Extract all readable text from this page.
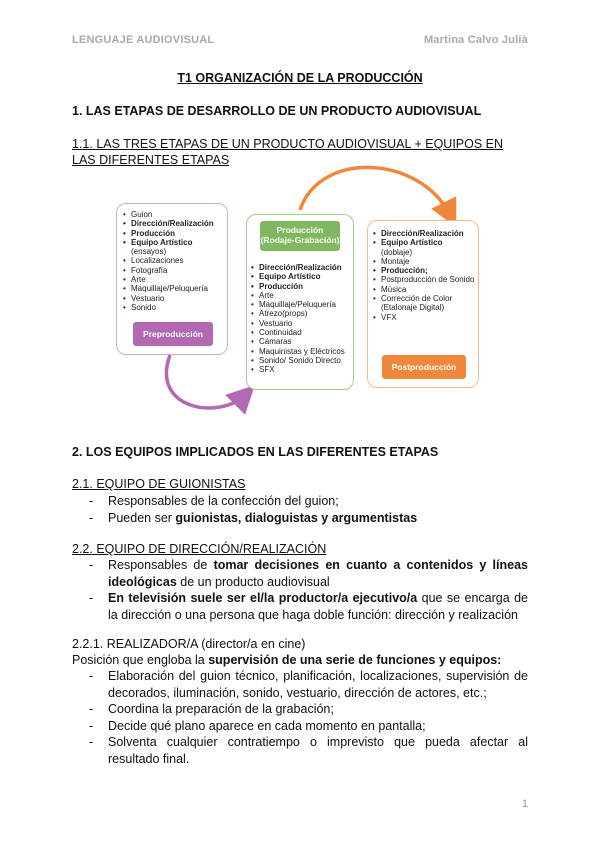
LENGUAJE AUDIOVISUAL	Martina Calvo Julià
T1 ORGANIZACIÓN DE LA PRODUCCIÓN
1. LAS ETAPAS DE DESARROLLO DE UN PRODUCTO AUDIOVISUAL
1.1. LAS TRES ETAPAS DE UN PRODUCTO AUDIOVISUAL + EQUIPOS EN LAS DIFERENTES ETAPAS
• Guion
• Dirección/Realización
• Producción
• Equipo Artístico
(ensayos)
• Localizaciones
• Fotografía
• Arte
• Maquillaje/Peluquería
• Vestuario
• Sonido
Preproducción
Producción (Rodaje-Grabación)
• Dirección/Realización
• Equipo Artístico
• Producción
• Arte
• Maquillaje/Peluquería
• Atrezo(props)
• Vestuario
• Continuidad
• Cámaras
• Maquinistas y Eléctricos
• Sonido/ Sonido Directo
• SFX
• Dirección/Realización
• Equipo Artístico
(doblaje)
• Montaje
• Producción;
• Postproducción de Sonido
• Música
• Corrección de Color (Etalonaje Digital)
• VFX
Postproducción
2. LOS EQUIPOS IMPLICADOS EN LAS DIFERENTES ETAPAS
2.1. EQUIPO DE GUIONISTAS
- Responsables de la confección del guion;
- Pueden ser guionistas, dialoguistas y argumentistas
2.2. EQUIPO DE DIRECCIÓN/REALIZACIÓN
- Responsables de tomar decisiones en cuanto a contenidos y líneas ideológicas de un producto audiovisual
- En televisión suele ser el/la productor/a ejecutivo/a que se encarga de la dirección o una persona que haga doble función: dirección y realización
2.2.1. REALIZADOR/A (director/a en cine)
Posición que engloba la supervisión de una serie de funciones y equipos:
- Elaboración del guion técnico, planificación, localizaciones, supervisión de decorados, iluminación, sonido, vestuario, dirección de actores, etc.;
- Coordina la preparación de la grabación;
- Decide qué plano aparece en cada momento en pantalla;
- Solventa cualquier contratiempo o imprevisto que pueda afectar al resultado final.
1
